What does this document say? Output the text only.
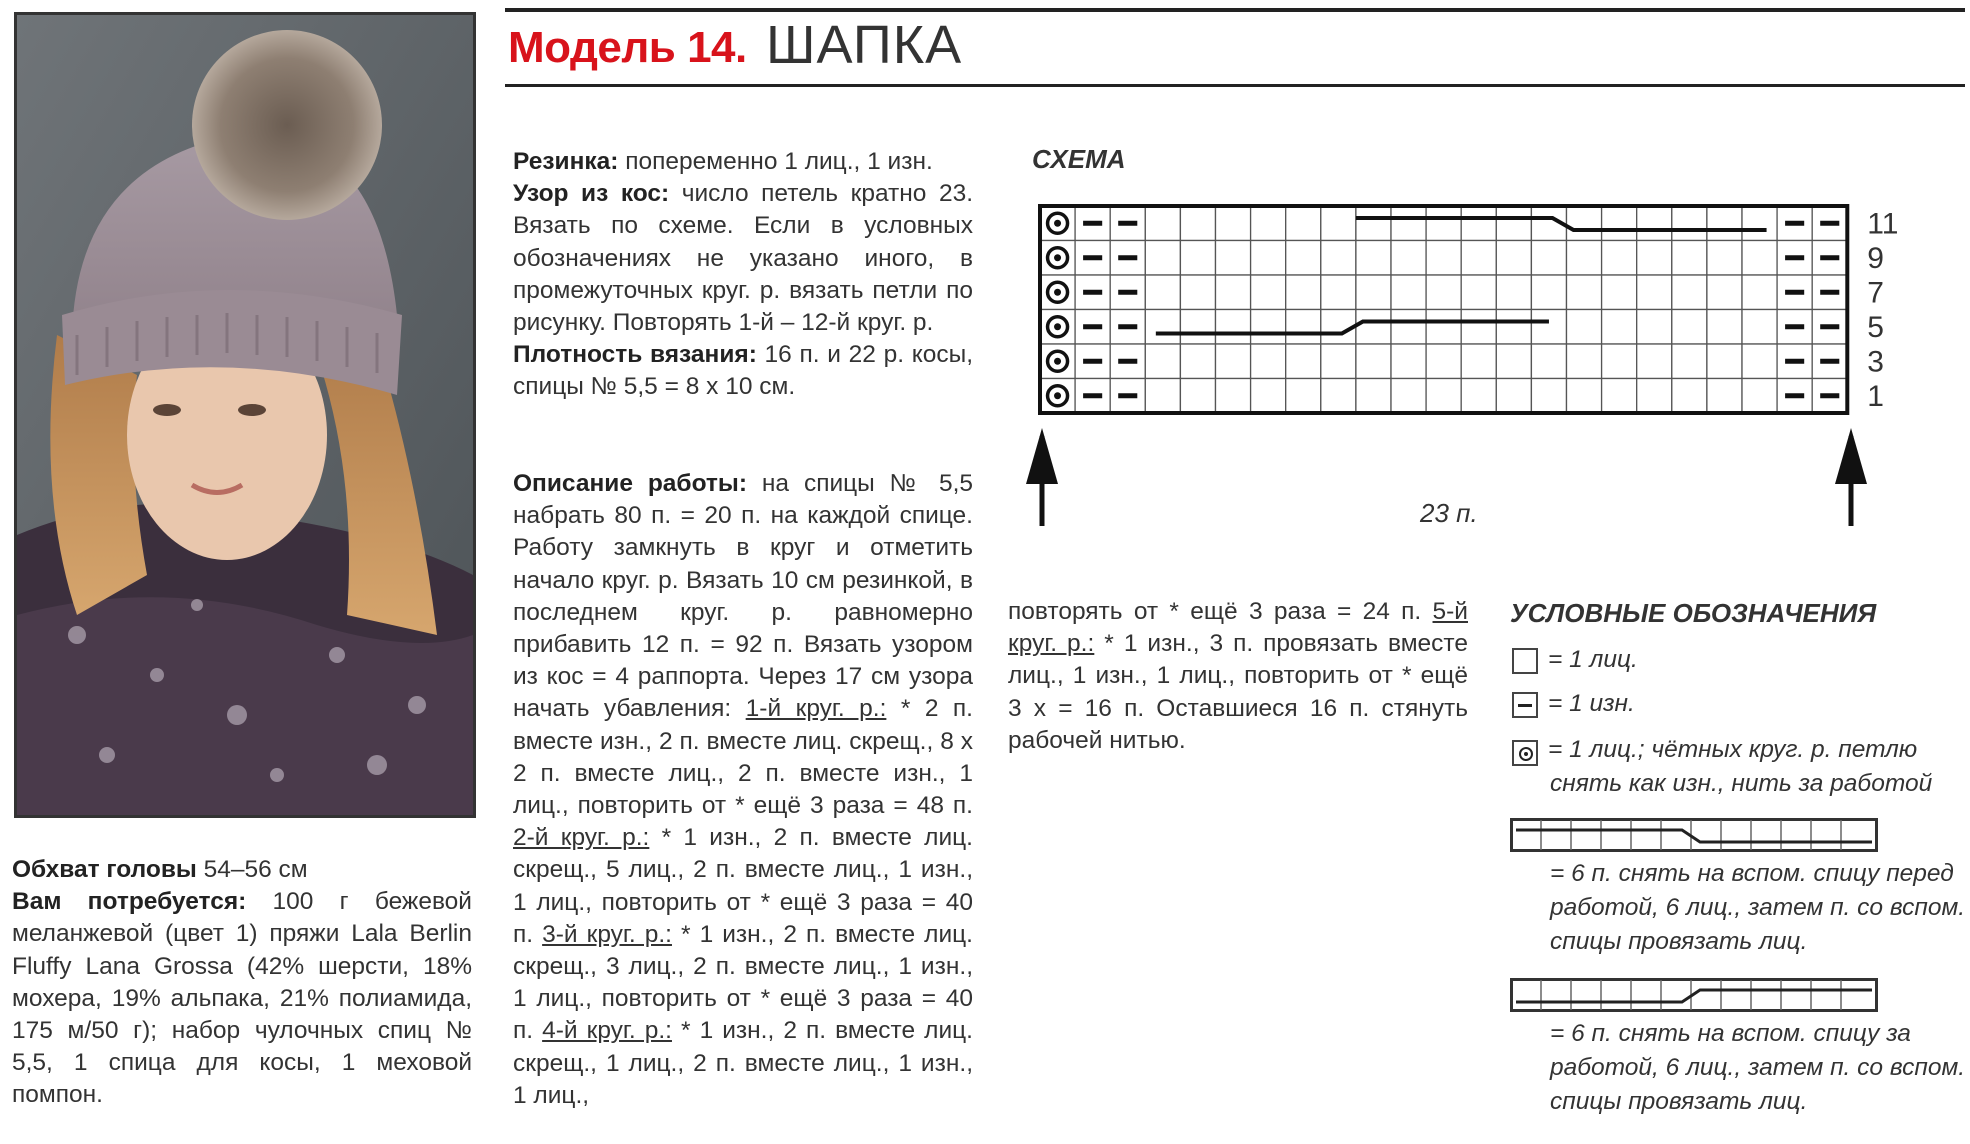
Модель 14. ШАПКА

Обхват головы 54–56 см

Вам потребуется: 100 г бежевой меланжевой (цвет 1) пряжи Lala Berlin Fluffy Lana Grossa (42% шерсти, 18% мохера, 19% альпака, 21% полиамида, 175 м/50 г); набор чулочных спиц № 5,5, 1 спица для косы, 1 меховой помпон.

Резинка: попеременно 1 лиц., 1 изн.

Узор из кос: число петель кратно 23. Вязать по схеме. Если в условных обозначениях не указано иного, в промежуточных круг. р. вязать петли по рисунку. Повторять 1-й – 12-й круг. р.

Плотность вязания: 16 п. и 22 р. косы, спицы № 5,5 = 8 х 10 см.

Описание работы: на спицы № 5,5 набрать 80 п. = 20 п. на каждой спице. Работу замкнуть в круг и отметить начало круг. р. Вязать 10 см резинкой, в последнем круг. р. равномерно прибавить 12 п. = 92 п. Вязать узором из кос = 4 раппорта. Через 17 см узора начать убавления: 1-й круг. р.: * 2 п. вместе изн., 2 п. вместе лиц. скрещ., 8 х 2 п. вместе лиц., 2 п. вместе изн., 1 лиц., повторить от * ещё 3 раза = 48 п. 2-й круг. р.: * 1 изн., 2 п. вместе лиц. скрещ., 5 лиц., 2 п. вместе лиц., 1 изн., 1 лиц., повторить от * ещё 3 раза = 40 п. 3-й круг. р.: * 1 изн., 2 п. вместе лиц. скрещ., 3 лиц., 2 п. вместе лиц., 1 изн., 1 лиц., повторить от * ещё 3 раза = 40 п. 4-й круг. р.: * 1 изн., 2 п. вместе лиц. скрещ., 1 лиц., 2 п. вместе лиц., 1 изн., 1 лиц.,

повторять от * ещё 3 раза = 24 п. 5-й круг. р.: * 1 изн., 3 п. провязать вместе лиц., 1 изн., 1 лиц., повторить от * ещё 3 х = 16 п. Оставшиеся 16 п. стянуть рабочей нитью.

СХЕМА
11
9
7
5
3
1
23 п.
УСЛОВНЫЕ ОБОЗНАЧЕНИЯ
= 1 лиц.
= 1 изн.
= 1 лиц.; чётных круг. р. петлю
снять как изн., нить за работой
= 6 п. снять на вспом. спицу перед
работой, 6 лиц., затем п. со вспом.
спицы провязать лиц.
= 6 п. снять на вспом. спицу за
работой, 6 лиц., затем п. со вспом.
спицы провязать лиц.
